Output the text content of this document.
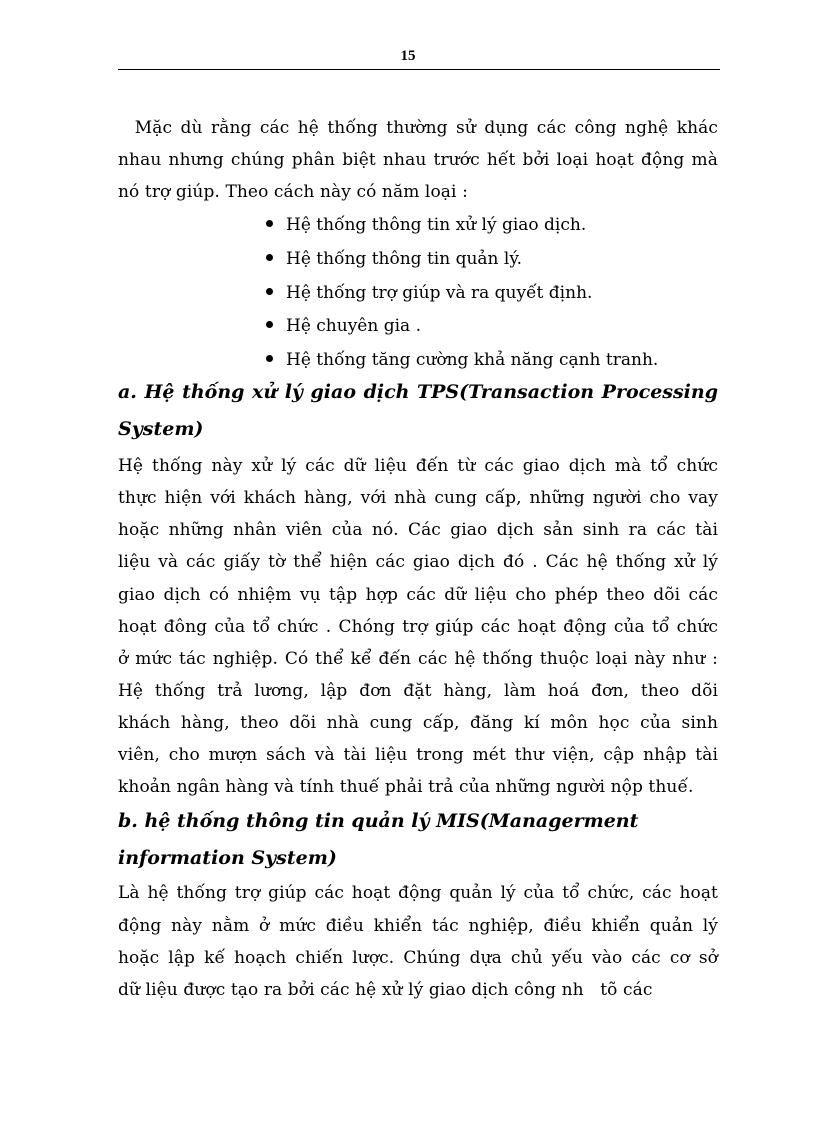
15
Mặc dù rằng các hệ thống thường sử dụng các công nghệ khác
nhau nhưng chúng phân biệt nhau trước hết bởi loại hoạt động mà
nó trợ giúp. Theo cách này có năm loại :
Hệ thống thông tin xử lý giao dịch.
Hệ thống thông tin quản lý.
Hệ thống trợ giúp và ra quyết định.
Hệ chuyên gia .
Hệ thống tăng cường khả năng cạnh tranh.
a. Hệ thống xử lý giao dịch TPS(Transaction Processing
System)
Hệ thống này xử lý các dữ liệu đến từ các giao dịch mà tổ chức
thực hiện với khách hàng, với nhà cung cấp, những người cho vay
hoặc những nhân viên của nó. Các giao dịch sản sinh ra các tài
liệu và các giấy tờ thể hiện các giao dịch đó . Các hệ thống xử lý
giao dịch có nhiệm vụ tập hợp các dữ liệu cho phép theo dõi các
hoạt đông của tổ chức . Chóng trợ giúp các hoạt động của tổ chức
ở mức tác nghiệp. Có thể kể đến các hệ thống thuộc loại này như :
Hệ thống trả lương, lập đơn đặt hàng, làm hoá đơn, theo dõi
khách hàng, theo dõi nhà cung cấp, đăng kí môn học của sinh
viên, cho mượn sách và tài liệu trong mét thư viện, cập nhập tài
khoản ngân hàng và tính thuế phải trả của những người nộp thuế.
b. hệ thống thông tin quản lý MIS(Managerment
information System)
Là hệ thống trợ giúp các hoạt động quản lý của tổ chức, các hoạt
động này nằm ở mức điều khiển tác nghiệp, điều khiển quản lý
hoặc lập kế hoạch chiến lược. Chúng dựa chủ yếu vào các cơ sở
dữ liệu được tạo ra bởi các hệ xử lý giao dịch công nh   tõ các
